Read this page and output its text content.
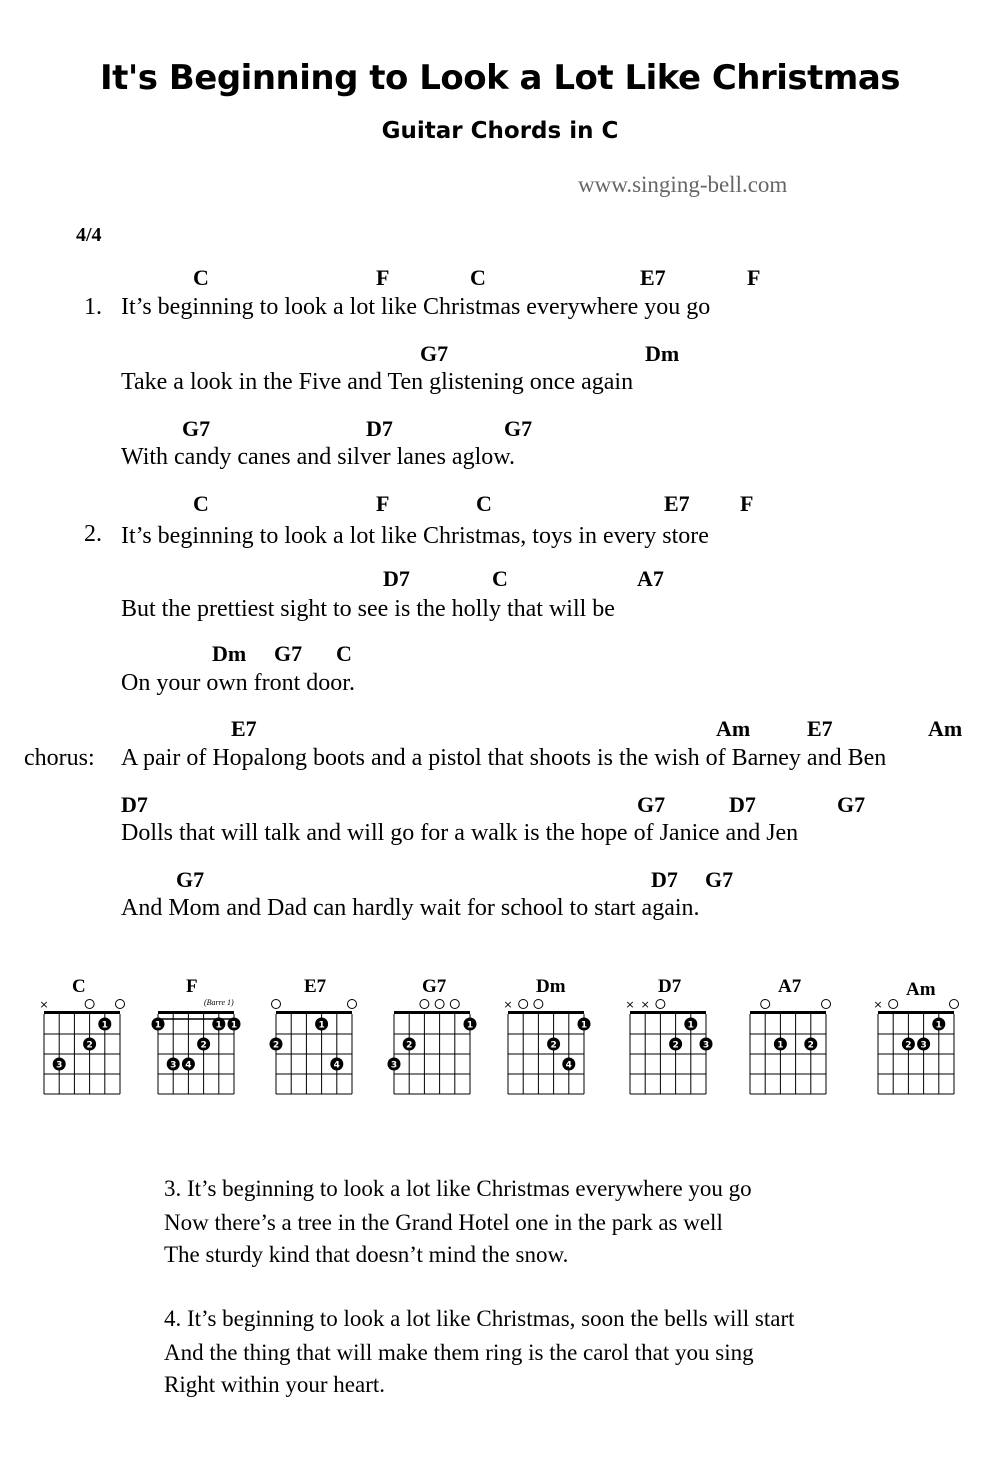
It's Beginning to Look a Lot Like Christmas
Guitar Chords in C
www.singing-bell.com
4/4
C	F	C	E7	F
1. It’s beginning to look a lot like Christmas everywhere you go
G7	Dm
Take a look in the Five and Ten glistening once again
G7	D7	G7
With candy canes and silver lanes aglow.
C	F	C	E7 F
2. It’s beginning to look a lot like Christmas, toys in every store
D7	C	A7
But the prettiest sight to see is the holly that will be
Dm G7 C
On your own front door.
E7	Am	E7	Am
chorus: A pair of Hopalong boots and a pistol that shoots is the wish of Barney and Ben
D7	G7	D7	G7
Dolls that will talk and will go for a walk is the hope of Janice and Jen
G7	D7 G7
And Mom and Dad can hardly wait for school to start again.
C
×
1
2
3
F
(Barre 1)
1	1
1
2
3 4
E7
1
2
4
G7
1
2
3
Dm
×
1
2
4
D7
× ×
1
2	3
A7
1	2
Am
×
1
2 3
3. It’s beginning to look a lot like Christmas everywhere you go
Now there’s a tree in the Grand Hotel one in the park as well
The sturdy kind that doesn’t mind the snow.
4. It’s beginning to look a lot like Christmas, soon the bells will start
And the thing that will make them ring is the carol that you sing
Right within your heart.
